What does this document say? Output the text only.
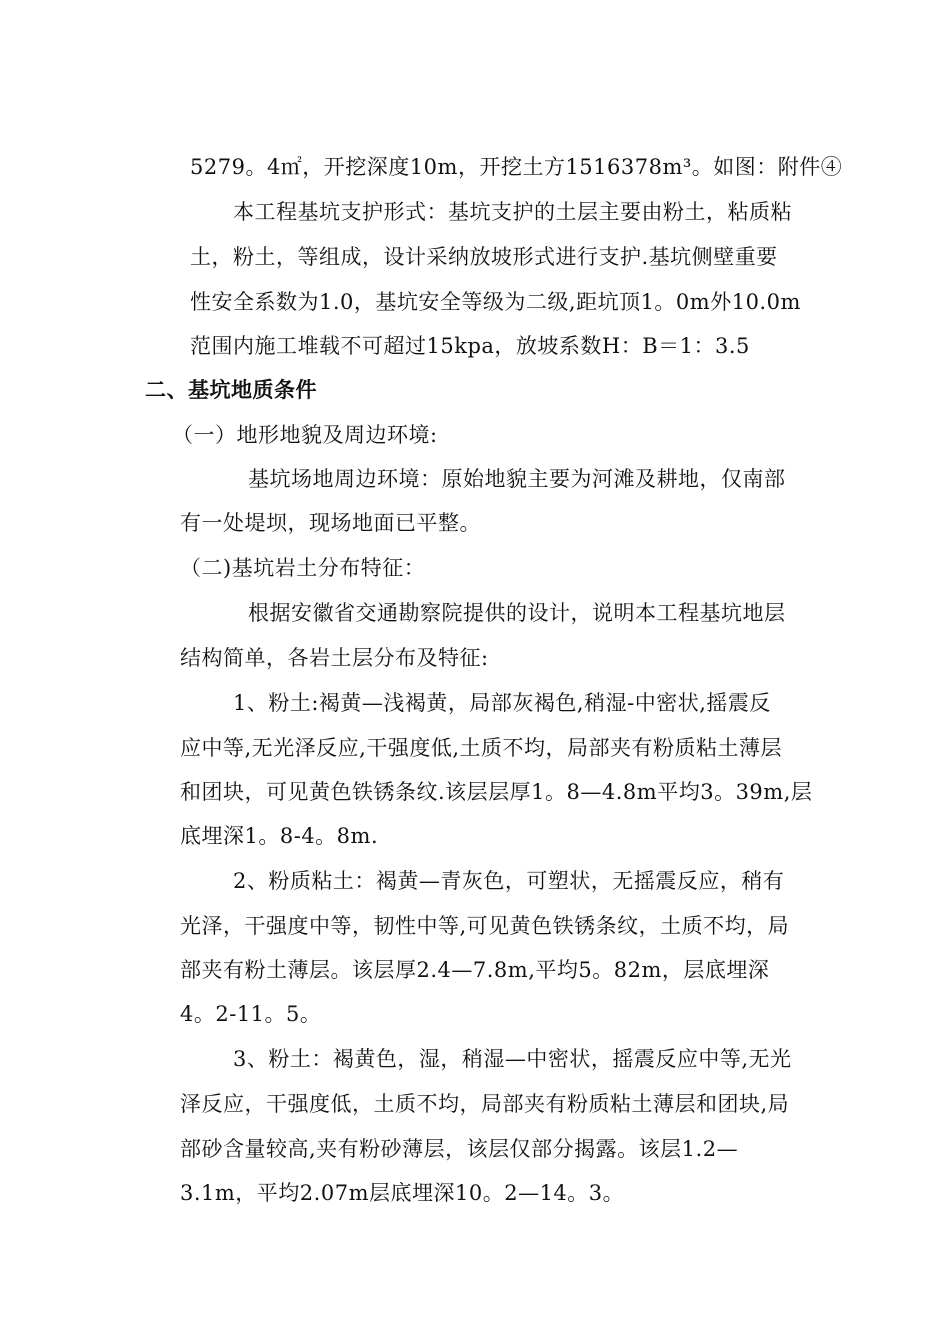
5279。4㎡，开挖深度10m，开挖土方1516378m³。如图：附件④
本工程基坑支护形式：基坑支护的土层主要由粉土，粘质粘
土，粉土，等组成，设计采纳放坡形式进行支护.基坑侧壁重要
性安全系数为1.0，基坑安全等级为二级,距坑顶1。0m外10.0m
范围内施工堆载不可超过15kpa，放坡系数H：B＝1：3.5
二、基坑地质条件
（一）地形地貌及周边环境:
基坑场地周边环境：原始地貌主要为河滩及耕地，仅南部
有一处堤坝，现场地面已平整。
（二)基坑岩土分布特征：
根据安徽省交通勘察院提供的设计，说明本工程基坑地层
结构简单，各岩土层分布及特征:
1、粉土:褐黄—浅褐黄，局部灰褐色,稍湿-中密状,摇震反
应中等,无光泽反应,干强度低,土质不均，局部夹有粉质粘土薄层
和团块，可见黄色铁锈条纹.该层层厚1。8—4.8m平均3。39m,层
底埋深1。8-4。8m.
2、粉质粘土：褐黄—青灰色，可塑状，无摇震反应，稍有
光泽，干强度中等，韧性中等,可见黄色铁锈条纹，土质不均，局
部夹有粉土薄层。该层厚2.4—7.8m,平均5。82m，层底埋深
4。2-11。5。
3、粉土：褐黄色，湿，稍湿—中密状，摇震反应中等,无光
泽反应，干强度低，土质不均，局部夹有粉质粘土薄层和团块,局
部砂含量较高,夹有粉砂薄层，该层仅部分揭露。该层1.2—
3.1m，平均2.07m层底埋深10。2—14。3。
